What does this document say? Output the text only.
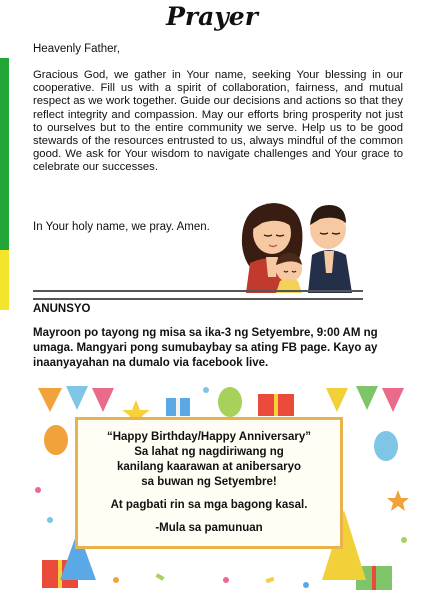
Prayer
Heavenly Father,
Gracious God, we gather in Your name, seeking Your blessing in our cooperative. Fill us with a spirit of collaboration, fairness, and mutual respect as we work together. Guide our decisions and actions so that they reflect integrity and compassion. May our efforts bring prosperity not just to ourselves but to the entire community we serve. Help us to be good stewards of the resources entrusted to us, always mindful of the common good. We ask for Your wisdom to navigate challenges and Your grace to celebrate our successes.
In Your holy name, we pray. Amen.
ANUNSYO
Mayroon po tayong ng misa sa ika-3 ng Setyembre, 9:00 AM ng umaga. Mangyari pong sumubaybay sa ating FB page. Kayo ay inaanyayahan na dumalo via facebook live.
“Happy Birthday/Happy Anniversary”
Sa lahat ng nagdiriwang ng
kanilang kaarawan at anibersaryo
sa buwan ng Setyembre!
At pagbati rin sa mga bagong kasal.
-Mula sa pamunuan
